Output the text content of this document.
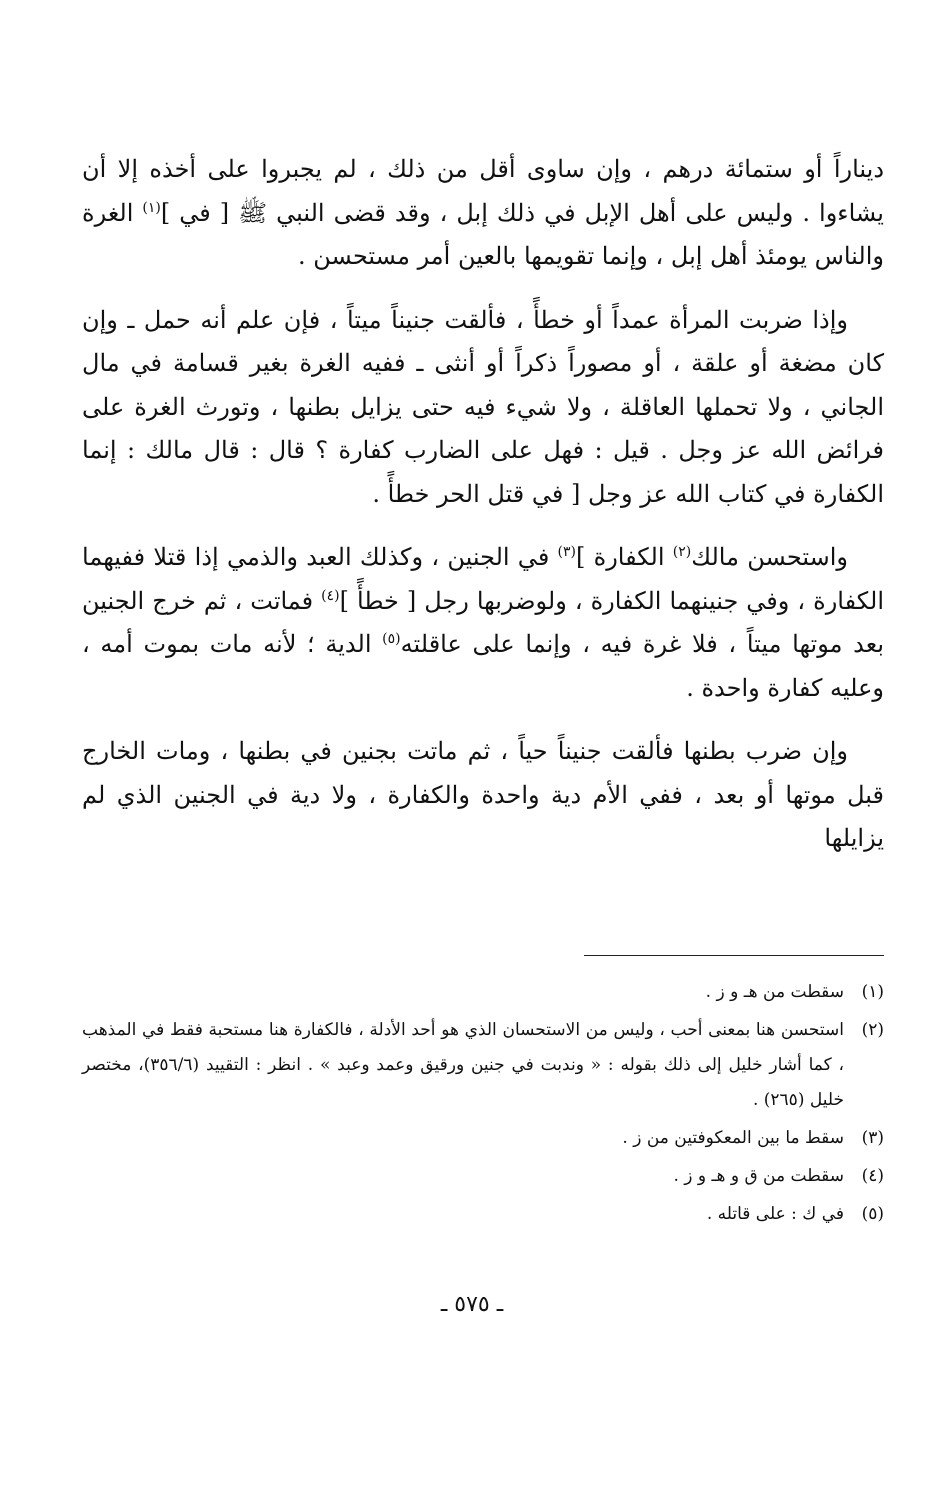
ديناراً أو ستمائة درهم ، وإن ساوى أقل من ذلك ، لم يجبروا على أخذه إلا أن يشاءوا . وليس على أهل الإبل في ذلك إبل ، وقد قضى النبي ﷺ [ في ]$^{(١)}$ الغرة والناس يومئذ أهل إبل ، وإنما تقويمها بالعين أمر مستحسن .

وإذا ضربت المرأة عمداً أو خطأً ، فألقت جنيناً ميتاً ، فإن علم أنه حمل ـ وإن كان مضغة أو علقة ، أو مصوراً ذكراً أو أنثى ـ ففيه الغرة بغير قسامة في مال الجاني ، ولا تحملها العاقلة ، ولا شيء فيه حتى يزايل بطنها ، وتورث الغرة على فرائض الله عز وجل . قيل : فهل على الضارب كفارة ؟ قال : قال مالك : إنما الكفارة في كتاب الله عز وجل [ في قتل الحر خطأً .

واستحسن مالك$^{(٢)}$ الكفارة ]$^{(٣)}$ في الجنين ، وكذلك العبد والذمي إذا قتلا ففيهما الكفارة ، وفي جنينهما الكفارة ، ولوضربها رجل [ خطأً ]$^{(٤)}$ فماتت ، ثم خرج الجنين بعد موتها ميتاً ، فلا غرة فيه ، وإنما على عاقلته$^{(٥)}$ الدية ؛ لأنه مات بموت أمه ، وعليه كفارة واحدة .

وإن ضرب بطنها فألقت جنيناً حياً ، ثم ماتت بجنين في بطنها ، ومات الخارج قبل موتها أو بعد ، ففي الأم دية واحدة والكفارة ، ولا دية في الجنين الذي لم يزايلها

(١)
سقطت من هـ و ز .
(٢)
استحسن هنا بمعنى أحب ، وليس من الاستحسان الذي هو أحد الأدلة ، فالكفارة هنا مستحبة فقط في المذهب ، كما أشار خليل إلى ذلك بقوله : « وندبت في جنين ورقيق وعمد وعبد » . انظر : التقييد (٣٥٦/٦)، مختصر خليل (٢٦٥) .
(٣)
سقط ما بين المعكوفتين من ز .
(٤)
سقطت من ق و هـ و ز .
(٥)
في ك : على قاتله .
ـ ٥٧٥ ـ
